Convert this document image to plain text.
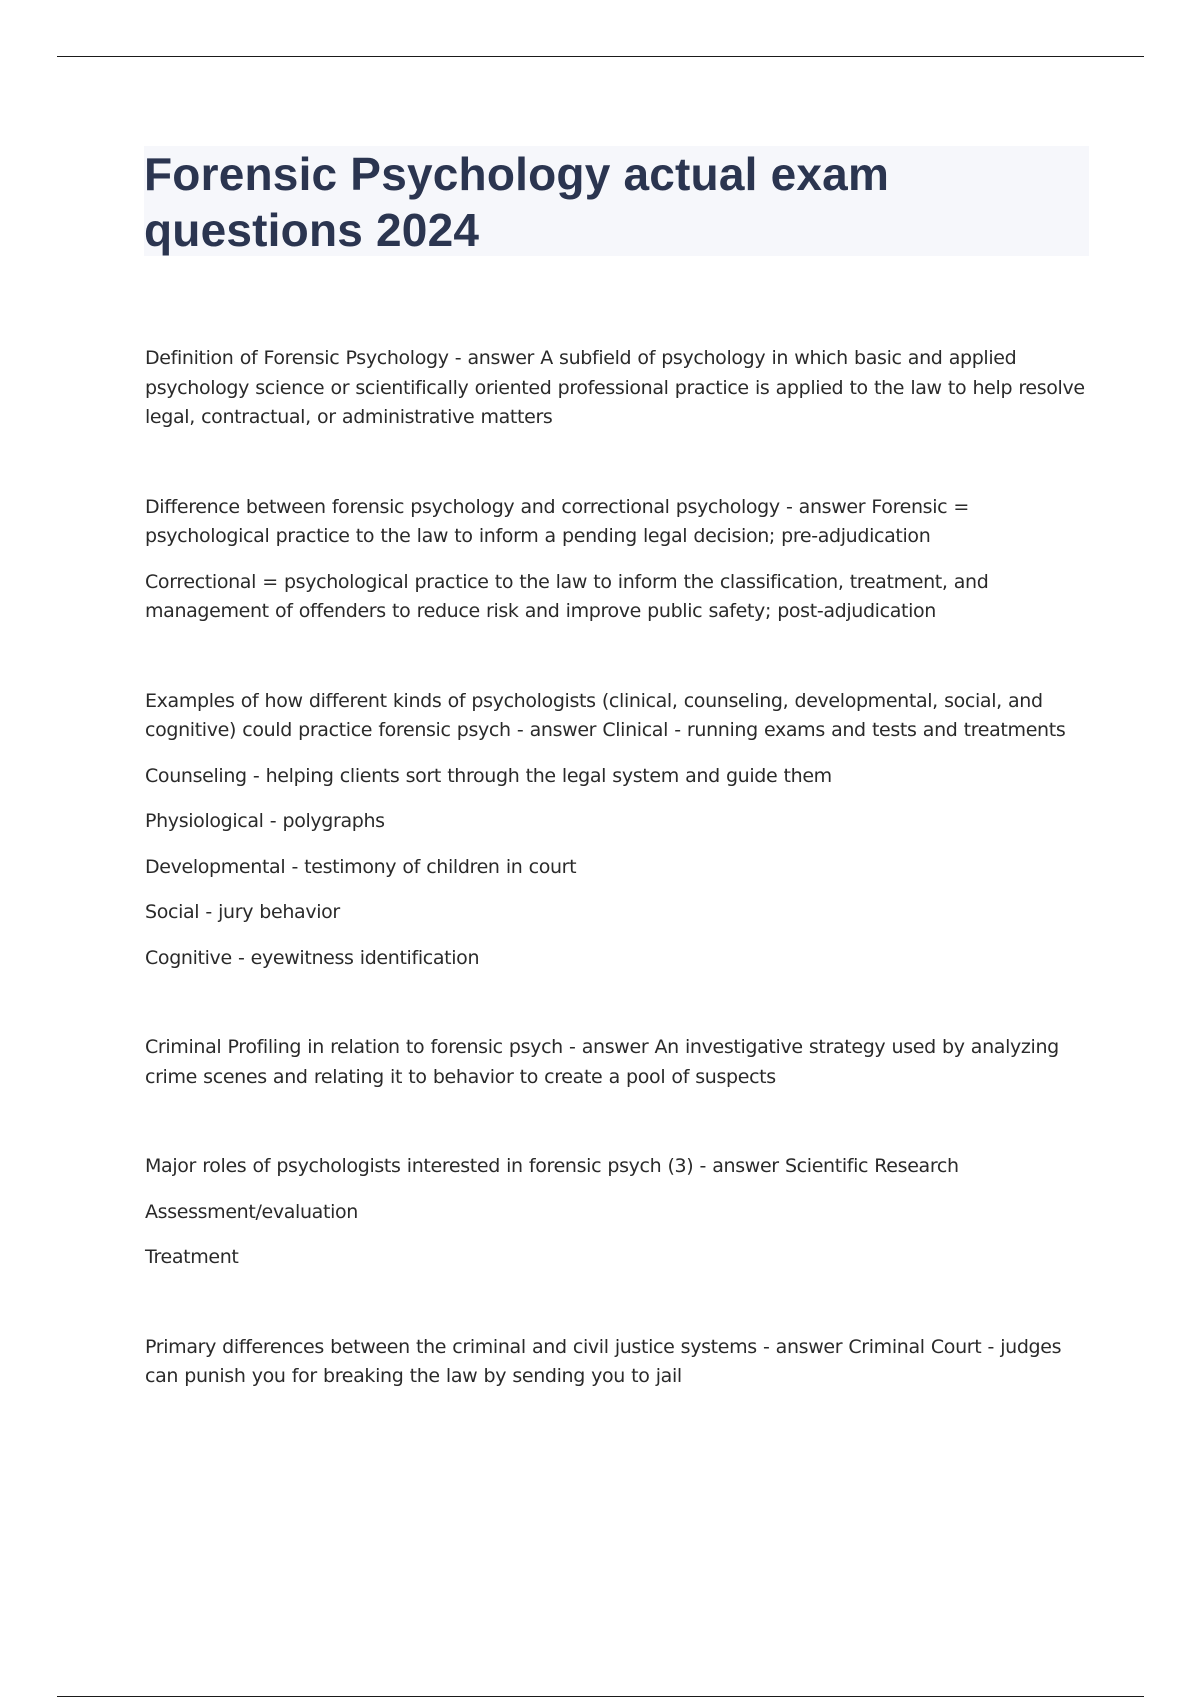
Forensic Psychology actual exam questions 2024

Definition of Forensic Psychology - answer A subfield of psychology in which basic and applied psychology science or scientifically oriented professional practice is applied to the law to help resolve legal, contractual, or administrative matters

Difference between forensic psychology and correctional psychology - answer Forensic = psychological practice to the law to inform a pending legal decision; pre-adjudication

Correctional = psychological practice to the law to inform the classification, treatment, and management of offenders to reduce risk and improve public safety; post-adjudication

Examples of how different kinds of psychologists (clinical, counseling, developmental, social, and cognitive) could practice forensic psych - answer Clinical - running exams and tests and treatments

Counseling - helping clients sort through the legal system and guide them

Physiological - polygraphs

Developmental - testimony of children in court

Social - jury behavior

Cognitive - eyewitness identification

Criminal Profiling in relation to forensic psych - answer An investigative strategy used by analyzing crime scenes and relating it to behavior to create a pool of suspects

Major roles of psychologists interested in forensic psych (3) - answer Scientific Research

Assessment/evaluation

Treatment

Primary differences between the criminal and civil justice systems - answer Criminal Court - judges can punish you for breaking the law by sending you to jail
